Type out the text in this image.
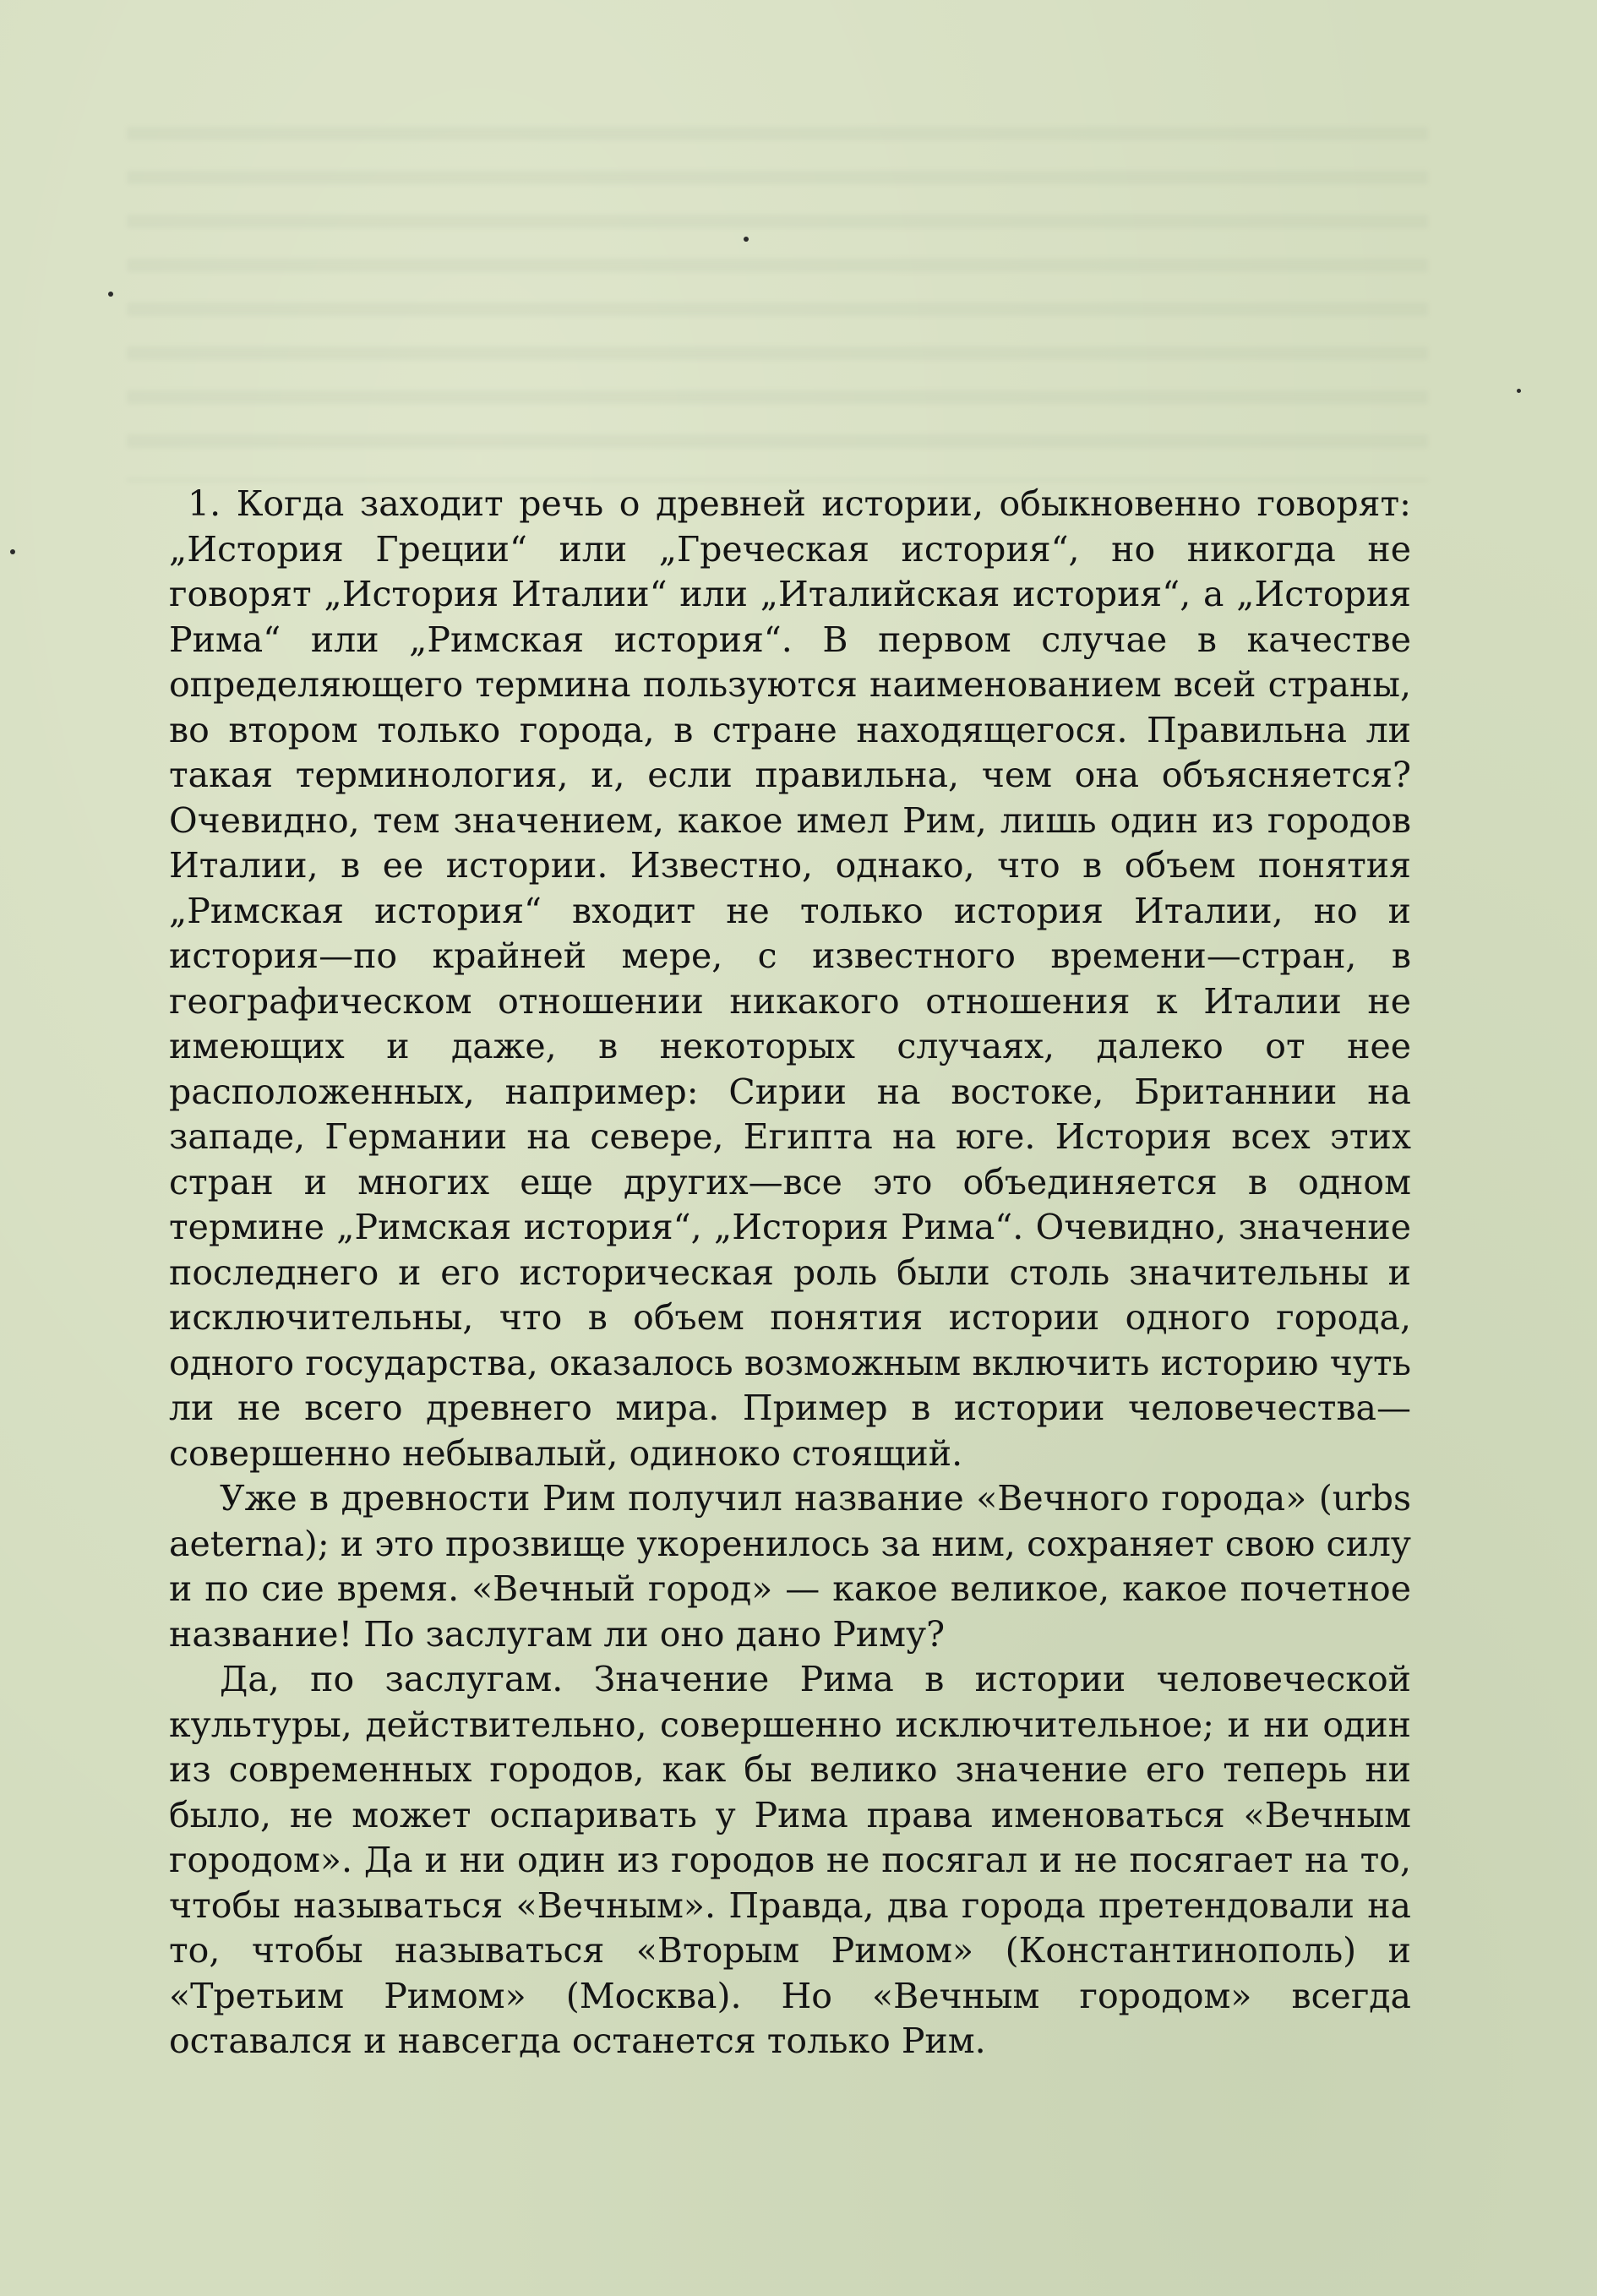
1. Когда заходит речь о древней истории, обыкновенно говорят: „История Греции“ или „Греческая история“, но никогда не говорят „История Италии“ или „Италийская история“, а „История Рима“ или „Римская история“. В первом случае в качестве определяющего термина пользуются наименованием всей страны, во втором только города, в стране находящегося. Правильна ли такая терминология, и, если правильна, чем она объясняется? Очевидно, тем значением, какое имел Рим, лишь один из городов Италии, в ее истории. Известно, однако, что в объем понятия „Римская история“ входит не только история Италии, но и история—по крайней мере, с известного времени—стран, в географическом отношении никакого отношения к Италии не имеющих и даже, в некоторых случаях, далеко от нее расположенных, например: Сирии на востоке, Британнии на западе, Германии на севере, Египта на юге. История всех этих стран и многих еще других—все это объединяется в одном термине „Римская история“, „История Рима“. Очевидно, значение последнего и его историческая роль были столь значительны и исключительны, что в объем понятия истории одного города, одного государства, оказалось возможным включить историю чуть ли не всего древнего мира. Пример в истории человечества—совершенно небывалый, одиноко стоящий.

Уже в древности Рим получил название «Вечного города» (urbs aeterna); и это прозвище укоренилось за ним, сохраняет свою силу и по сие время. «Вечный город» — какое великое, какое почетное название! По заслугам ли оно дано Риму?

Да, по заслугам. Значение Рима в истории человеческой культуры, действительно, совершенно исключительное; и ни один из современных городов, как бы велико значение его теперь ни было, не может оспаривать у Рима права именоваться «Вечным городом». Да и ни один из городов не посягал и не посягает на то, чтобы называться «Вечным». Правда, два города претендовали на то, чтобы называться «Вторым Римом» (Константинополь) и «Третьим Римом» (Москва). Но «Вечным городом» всегда оставался и навсегда останется только Рим.
